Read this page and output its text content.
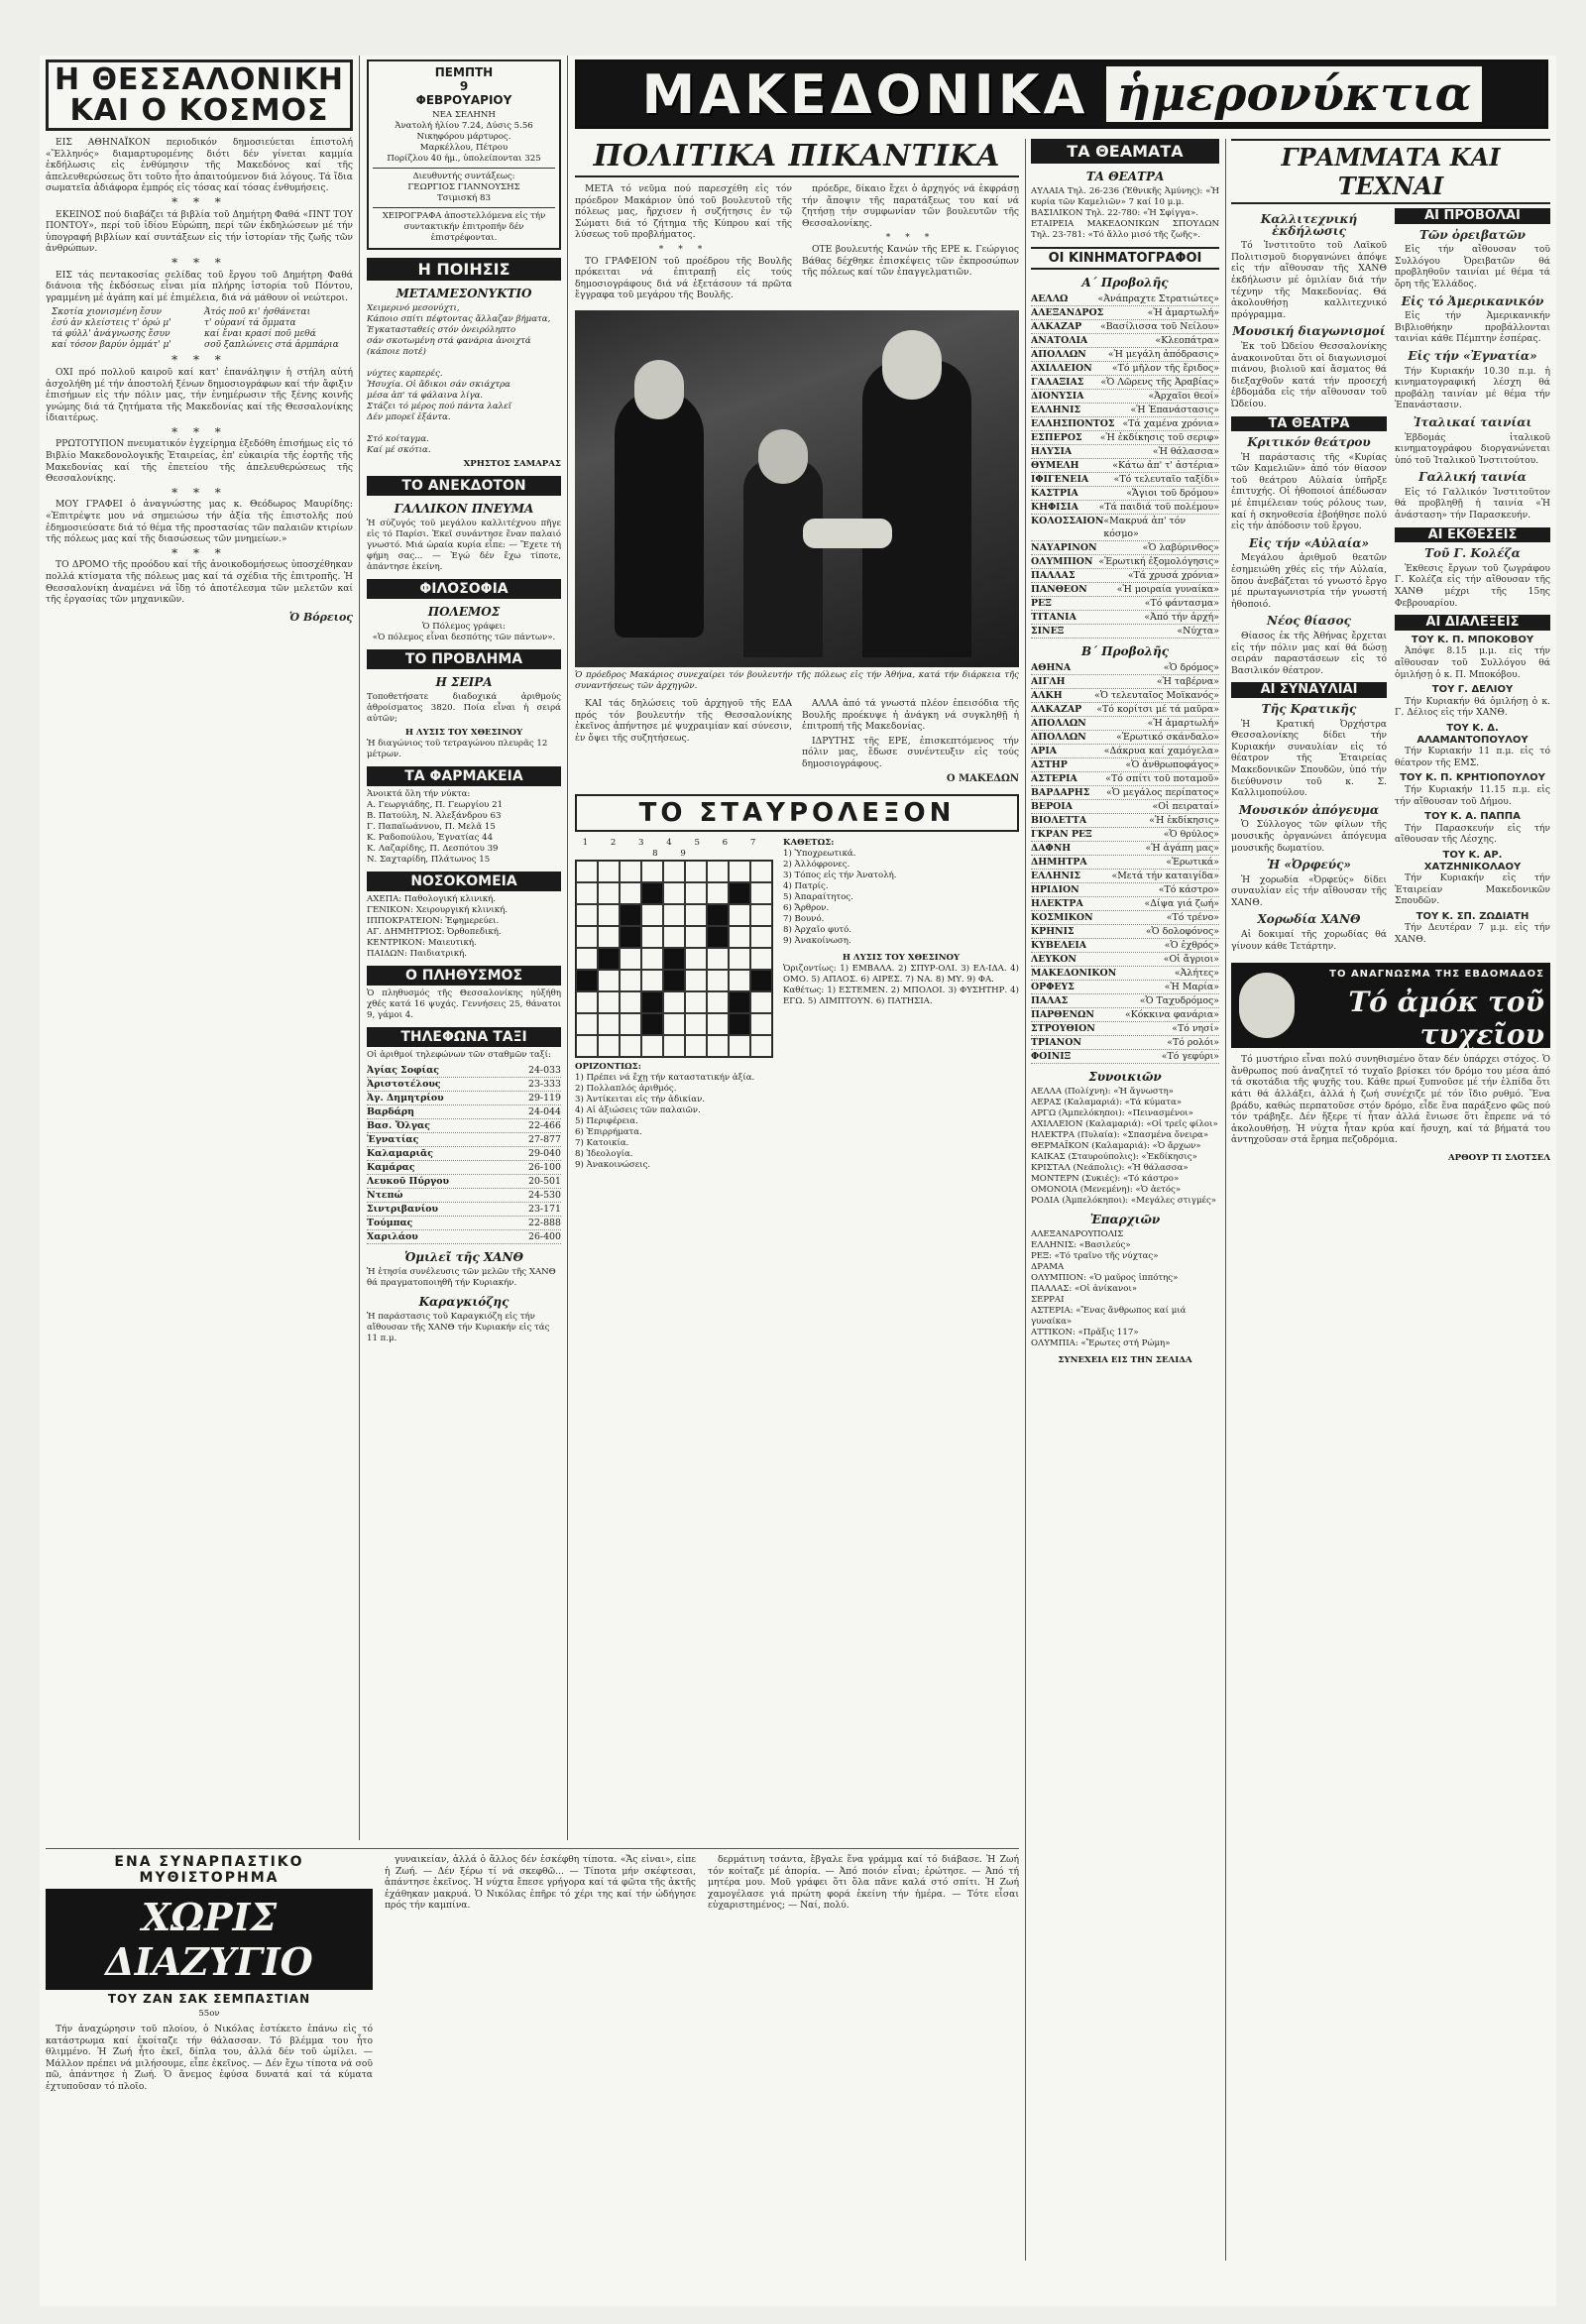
Η ΘΕΣΣΑΛΟΝΙΚΗ
ΚΑΙ Ο ΚΟΣΜΟΣ

ΕΙΣ ΑΘΗΝΑΪΚΟΝ περιοδικόν δημοσιεύεται ἐπιστολή «Ἕλληνός» διαμαρτυρομένης διότι δέν γίνεται καμμία ἐκδήλωσις εἰς ἐνθύμησιν τῆς Μακεδόνος καί τῆς ἀπελευθερώσεως ὅτι τοῦτο ἦτο ἀπαιτούμενον διά λόγους. Τά ἴδια σωματεῖα ἀδιάφορα ἐμπρός εἰς τόσας καί τόσας ἐνθυμήσεις.

* * *

ΕΚΕΙΝΟΣ πού διαβάζει τά βιβλία τοῦ Δημήτρη Φαθά «ΠΝΤ ΤΟΥ ΠΟΝΤΟΥ», περί τοῦ ἰδίου Εὐρώπη, περί τῶν ἐκδηλώσεων μέ τήν ὑπογραφή βιβλίων καί συντάξεων εἰς τήν ἱστορίαν τῆς ζωῆς τῶν ἀνθρώπων.

* * *

ΕΙΣ τάς πεντακοσίας σελίδας τοῦ ἔργου τοῦ Δημήτρη Φαθά διάνοια τῆς ἐκδόσεως εἶναι μία πλήρης ἱστορία τοῦ Πόντου, γραμμένη μέ ἀγάπη καί μέ ἐπιμέλεια, διά νά μάθουν οἱ νεώτεροι.

Σκοτία χιονισμένη ἔσυν
ἐσύ ἀν κλείστεις τ' ὀρώ μ'
τά φύλλ' ἀνάγνωσης ἔσυν
καί τόσον βαρύν ὀμμάτ' μ'
Ἀτός ποῦ κι' ἠσθάνεται
τ' οὐρανί τά ὄμματα
καί ἔναι κρασί ποῦ μεθά
σοῦ ξαπλώνεις στά ἀρμπάρια
* * *

ΟΧΙ πρό πολλοῦ καιροῦ καί κατ' ἐπανάληψιν ἡ στήλη αὐτή ἀσχολήθη μέ τήν ἀποστολή ξένων δημοσιογράφων καί τήν ἄφιξιν ἐπισήμων εἰς τήν πόλιν μας, τήν ἐνημέρωσιν τῆς ξένης κοινῆς γνώμης διά τά ζητήματα τῆς Μακεδονίας καί τῆς Θεσσαλονίκης ἰδιαιτέρως.

* * *

ΡΡΩΤΟΤΥΠΟΝ πνευματικόν ἐγχείρημα ἐξεδόθη ἐπισήμως εἰς τό Βιβλίο Μακεδονολογικῆς Ἐταιρείας, ἐπ' εὐκαιρία τῆς ἑορτῆς τῆς Μακεδονίας καί τῆς ἐπετείου τῆς ἀπελευθερώσεως τῆς Θεσσαλονίκης.

* * *

ΜΟΥ ΓΡΑΦΕΙ ὁ ἀναγνώστης μας κ. Θεόδωρος Μαυρίδης: «Ἐπιτρέψτε μου νά σημειώσω τήν ἀξία τῆς ἐπιστολῆς πού ἐδημοσιεύσατε διά τό θέμα τῆς προστασίας τῶν παλαιῶν κτιρίων τῆς πόλεως μας καί τῆς διασώσεως τῶν μνημείων.»

* * *

ΤΟ ΔΡΟΜΟ τῆς προόδου καί τῆς ἀνοικοδομήσεως ὑποσχέθηκαν πολλά κτίσματα τῆς πόλεως μας καί τά σχέδια τῆς ἐπιτροπῆς. Ἡ Θεσσαλονίκη ἀναμένει νά ἴδῃ τό ἀποτέλεσμα τῶν μελετῶν καί τῆς ἐργασίας τῶν μηχανικῶν.

Ὁ Βόρειος
ΠΕΜΠΤΗ
9
ΦΕΒΡΟΥΑΡΙΟΥ
ΝΕΑ ΣΕΛΗΝΗ
Ἀνατολή ἡλίου 7.24, Δύσις 5.56
Νικηφόρου μάρτυρος.
Μαρκέλλου, Πέτρου
Πορίζλου 40 ἡμ., ὑπολείπονται 325
Διευθυντής συντάξεως:
ΓΕΩΡΓΙΟΣ ΓΙΑΝΝΟΥΣΗΣ
Τσιμισκή 83
ΧΕΙΡΟΓΡΑΦΑ ἀποστελλόμενα εἰς τήν συντακτικήν ἐπιτροπήν δέν ἐπιστρέφονται.
Η ΠΟΙΗΣΙΣ
ΜΕΤΑΜΕΣΟΝΥΚΤΙΟ
Χειμερινό μεσονύχτι,
Κάποιο σπίτι πέφτοντας ἄλλαζαν βήματα,
Ἐγκατασταθείς στόν ὀνειρόληπτο
σάν σκοτωμένη στά φανάρια ἀνοιχτά
(κάποιε ποτέ)

νύχτες καρπερές.
Ἡσυχία. Οἱ ἄδικοι σάν σκιάχτρα
μέσα ἀπ' τά φάλαινα λίγα.
Στάζει τό μέρος πού πάντα λαλεῖ
Δέν μπορεῖ ἐξάντα.

Στό κοίταγμα.
Καί μέ σκότια.
ΧΡΗΣΤΟΣ ΣΑΜΑΡΑΣ
ΤΟ ΑΝΕΚΔΟΤΟΝ
ΓΑΛΛΙΚΟΝ ΠΝΕΥΜΑ
Ἡ σύζυγός τοῦ μεγάλου καλλιτέχνου πῆγε εἰς τό Παρίσι. Ἐκεῖ συνάντησε ἕναν παλαιό γνωστό. Μιά ὡραία κυρία εἶπε: — Ἔχετε τή φήμη σας... — Ἐγώ δέν ἔχω τίποτε, ἀπάντησε ἐκείνη.
ΦΙΛΟΣΟΦΙΑ
ΠΟΛΕΜΟΣ
Ὁ Πόλεμος γράφει:
«Ὁ πόλεμος εἶναι δεσπότης τῶν πάντων».
ΤΟ ΠΡΟΒΛΗΜΑ
Η ΣΕΙΡΑ
Τοποθετήσατε διαδοχικά ἀριθμούς ἀθροίσματος 3820. Ποία εἶναι ἡ σειρά αὐτῶν;
Η ΛΥΣΙΣ ΤΟΥ ΧΘΕΣΙΝΟΥ
Ἡ διαγώνιος τοῦ τετραγώνου πλευρᾶς 12 μέτρων.
ΤΑ ΦΑΡΜΑΚΕΙΑ
Ἀνοικτά ὅλη τήν νύκτα:
Α. Γεωργιάδης, Π. Γεωργίου 21
Β. Πατούλη, Ν. Ἀλεξάνδρου 63
Γ. Παπαϊωάννου, Π. Μελᾶ 15
Κ. Ραδοπούλου, Ἐγνατίας 44
Κ. Λαζαρίδης, Π. Δεσπότου 39
Ν. Σαχταρίδη, Πλάτωνος 15
ΝΟΣΟΚΟΜΕΙΑ
ΑΧΕΠΑ: Παθολογική κλινική.
ΓΕΝΙΚΟΝ: Χειρουργική κλινική.
ΙΠΠΟΚΡΑΤΕΙΟΝ: Ἐφημερεύει.
ΑΓ. ΔΗΜΗΤΡΙΟΣ: Ὀρθοπεδική.
ΚΕΝΤΡΙΚΟΝ: Μαιευτική.
ΠΑΙΔΩΝ: Παιδιατρική.
Ο ΠΛΗΘΥΣΜΟΣ
Ὁ πληθυσμός τῆς Θεσσαλονίκης ηὐξήθη χθές κατά 16 ψυχάς. Γεννήσεις 25, θάνατοι 9, γάμοι 4.
ΤΗΛΕΦΩΝΑ ΤΑΞΙ
Οἱ ἀριθμοί τηλεφώνων τῶν σταθμῶν ταξί:
Ἀγίας Σοφίας	24-033
Ἀριστοτέλους	23-333
Ἀγ. Δημητρίου	29-119
Βαρδάρη	24-044
Βασ. Ὄλγας	22-466
Ἐγνατίας	27-877
Καλαμαριᾶς	29-040
Καμάρας	26-100
Λευκοῦ Πύργου	20-501
Ντεπώ	24-530
Σιντριβανίου	23-171
Τούμπας	22-888
Χαριλάου	26-400
Ὁμιλεῖ τῆς ΧΑΝΘ
Ἡ ἐτησία συνέλευσις τῶν μελῶν τῆς ΧΑΝΘ θά πραγματοποιηθῆ τήν Κυριακήν.
Καραγκιόζης
Ἡ παράστασις τοῦ Καραγκιόζη εἰς τήν αἴθουσαν τῆς ΧΑΝΘ τήν Κυριακήν εἰς τάς 11 π.μ.
ΜΑΚΕΔΟΝΙΚΑ ἡμερονύκτια
ΠΟΛΙΤΙΚΑ ΠΙΚΑΝΤΙΚΑ

ΜΕΤΑ τό νεῦμα πού παρεσχέθη εἰς τόν πρόεδρον Μακάριον ὑπό τοῦ βουλευτοῦ τῆς πόλεως μας, ἤρχισεν ἡ συζήτησις ἐν τῷ Σώματι διά τό ζήτημα τῆς Κύπρου καί τῆς λύσεως τοῦ προβλήματος.

* * *

ΤΟ ΓΡΑΦΕΙΟΝ τοῦ προέδρου τῆς Βουλῆς πρόκειται νά ἐπιτραπῇ εἰς τούς δημοσιογράφους διά νά ἐξετάσουν τά πρῶτα ἔγγραφα τοῦ μεγάρου τῆς Βουλῆς.

πρόεδρε, δίκαιο ἔχει ὁ ἀρχηγός νά ἐκφράσῃ τήν ἄποψιν τῆς παρατάξεως του καί νά ζητήσῃ τήν συμφωνίαν τῶν βουλευτῶν τῆς Θεσσαλονίκης.

* * *

ΟΤΕ βουλευτής Κανών τῆς ΕΡΕ κ. Γεώργιος Βάθας δέχθηκε ἐπισκέψεις τῶν ἐκπροσώπων τῆς πόλεως καί τῶν ἐπαγγελματιῶν.

Ὁ πρόεδρος Μακάριος συνεχαίρει τόν βουλευτήν τῆς πόλεως εἰς τήν Ἀθήνα, κατά τήν διάρκεια τῆς συναντήσεως τῶν ἀρχηγῶν.

ΚΑΙ τάς δηλώσεις τοῦ ἀρχηγοῦ τῆς ΕΔΑ πρός τόν βουλευτήν τῆς Θεσσαλονίκης ἐκεῖνος ἀπήντησε μέ ψυχραιμίαν καί σύνεσιν, ἐν ὄψει τῆς συζητήσεως.

ΑΛΛΑ ἀπό τά γνωστά πλέον ἐπεισόδια τῆς Βουλῆς προέκυψε ἡ ἀνάγκη νά συγκληθῇ ἡ ἐπιτροπή τῆς Μακεδονίας.

ΙΔΡΥΤΗΣ τῆς ΕΡΕ, ἐπισκεπτόμενος τήν πόλιν μας, ἔδωσε συνέντευξιν εἰς τούς δημοσιογράφους.

Ο ΜΑΚΕΔΩΝ
ΤΟ ΣΤΑΥΡΟΛΕΞΟΝ
1 2 3 4 5 6 7 8 9
ΟΡΙΖΟΝΤΙΩΣ:
1) Πρέπει νά ἔχῃ τήν καταστατικήν ἀξία.
2) Πολλαπλός ἀριθμός.
3) Ἀντίκειται εἰς τήν ἀδικίαν.
4) Αἱ ἀξιώσεις τῶν παλαιῶν.
5) Περιφέρεια.
6) Ἐπιρρήματα.
7) Κατοικία.
8) Ἰδεολογία.
9) Ἀνακοινώσεις.
ΚΑΘΕΤΩΣ:
1) Ὑποχρεωτικά.
2) Ἀλλόφρονες.
3) Τόπος εἰς τήν Ἀνατολή.
4) Πατρίς.
5) Ἀπαραίτητος.
6) Ἄρθρον.
7) Βουνό.
8) Ἀρχαῖο φυτό.
9) Ἀνακοίνωση.
Η ΛΥΣΙΣ ΤΟΥ ΧΘΕΣΙΝΟΥ
Ὁριζοντίως: 1) ΕΜΒΑΛΑ. 2) ΣΠΥΡ-ΟΛΙ. 3) ΕΛ-ΙΔΑ. 4) ΟΜΟ. 5) ΑΠΛΟΣ. 6) ΑΙΡΕΣ. 7) ΝΑ. 8) ΜΥ. 9) ΦΑ.
Καθέτως: 1) ΕΣΤΕΜΕΝ. 2) ΜΠΟΛΟΙ. 3) ΦΥΣΗΤΗΡ. 4) ΕΓΩ. 5) ΛΙΜΠΤΟΥΝ. 6) ΠΑΤΗΣΙΑ.
ΤΑ ΘΕΑΜΑΤΑ
ΤΑ ΘΕΑΤΡΑ
ΑΥΛΑΙΑ Τηλ. 26-236 (Ἐθνικῆς Ἀμύνης): «Ἡ κυρία τῶν Καμελιῶν» 7 καί 10 μ.μ.
ΒΑΣΙΛΙΚΟΝ Τηλ. 22-780: «Ἡ Σφίγγα».
ΕΤΑΙΡΕΙΑ ΜΑΚΕΔΟΝΙΚΩΝ ΣΠΟΥΔΩΝ Τηλ. 23-781: «Τό ἄλλο μισό τῆς ζωῆς».
ΟΙ ΚΙΝΗΜΑΤΟΓΡΑΦΟΙ
Α΄ Προβολῆς
ΑΕΛΛΩ	«Ἀνάπραχτε Στρατιώτες»
ΑΛΕΞΑΝΔΡΟΣ	«Ἡ ἀμαρτωλή»
ΑΛΚΑΖΑΡ «Βασίλισσα τοῦ Νείλου»
ΑΝΑΤΟΛΙΑ	«Κλεοπάτρα»
ΑΠΟΛΛΩΝ «Ἡ μεγάλη ἀπόδρασις»
ΑΧΙΛΛΕΙΟΝ «Τό μῆλον τῆς ἔριδος»
ΓΑΛΑΞΙΑΣ «Ὁ Λῶρενς τῆς Ἀραβίας»
ΔΙΟΝΥΣΙΑ	«Ἀρχαῖοι θεοί»
ΕΛΛΗΝΙΣ	«Ἡ Ἐπανάστασις»
ΕΛΛΗΣΠΟΝΤΟΣ «Τά χαμένα χρόνια»
ΕΣΠΕΡΟΣ «Ἡ ἐκδίκησις τοῦ σεριφ»
ΗΛΥΣΙΑ	«Ἡ θάλασσα»
ΘΥΜΕΛΗ	«Κάτω ἀπ' τ' ἀστέρια»
ΙΦΙΓΕΝΕΙΑ	«Τό τελευταῖο ταξίδι»
ΚΑΣΤΡΙΑ	«Ἄγιοι τοῦ δρόμου»
ΚΗΦΙΣΙΑ «Τά παιδιά τοῦ πολέμου»
ΚΟΛΟΣΣΑΙΟΝ «Μακρυά ἀπ' τόν κόσμο»
ΝΑΥΑΡΙΝΟΝ	«Ὁ λαβύρινθος»
ΟΛΥΜΠΙΟΝ «Ἐρωτική ἐξομολόγησις»
ΠΑΛΛΑΣ	«Τά χρυσά χρόνια»
ΠΑΝΘΕΟΝ	«Ἡ μοιραία γυναίκα»
ΡΕΞ	«Τό φάντασμα»
ΤΙΤΑΝΙΑ	«Ἀπό τήν ἀρχή»
ΣΙΝΕΞ	«Νύχτα»
Β΄ Προβολῆς
ΑΘΗΝΑ	«Ὁ δρόμος»
ΑΙΓΛΗ	«Ἡ ταβέρνα»
ΑΛΚΗ	«Ὁ τελευταῖος Μοϊκανός»
ΑΛΚΑΖΑΡ «Τό κορίτσι μέ τά μαῦρα»
ΑΠΟΛΛΩΝ	«Ἡ ἀμαρτωλή»
ΑΠΟΛΛΩΝ	«Ἐρωτικό σκάνδαλο»
ΑΡΙΑ	«Δάκρυα καί χαμόγελα»
ΑΣΤΗΡ	«Ὁ ἀνθρωποφάγος»
ΑΣΤΕΡΙΑ	«Τό σπίτι τοῦ ποταμοῦ»
ΒΑΡΔΑΡΗΣ «Ὁ μεγάλος περίπατος»
ΒΕΡΟΙΑ	«Οἱ πειραταί»
ΒΙΟΛΕΤΤΑ	«Ἡ ἐκδίκησις»
ΓΚΡΑΝ ΡΕΞ	«Ὁ θρύλος»
ΔΑΦΝΗ	«Ἡ ἀγάπη μας»
ΔΗΜΗΤΡΑ	«Ἐρωτικά»
ΕΛΛΗΝΙΣ	«Μετά τήν καταιγίδα»
ΗΡΙΔΙΟΝ	«Τό κάστρο»
ΗΛΕΚΤΡΑ	«Δίψα γιά ζωή»
ΚΟΣΜΙΚΟΝ	«Τό τρένο»
ΚΡΗΝΙΣ	«Ὁ δολοφόνος»
ΚΥΒΕΛΕΙΑ	«Ὁ ἐχθρός»
ΛΕΥΚΟΝ	«Οἱ ἄγριοι»
ΜΑΚΕΔΟΝΙΚΟΝ	«Ἀλήτες»
ΟΡΦΕΥΣ	«Ἡ Μαρία»
ΠΑΛΑΣ	«Ὁ Ταχυδρόμος»
ΠΑΡΘΕΝΩΝ	«Κόκκινα φανάρια»
ΣΤΡΟΥΘΙΟΝ	«Τό νησί»
ΤΡΙΑΝΟΝ	«Τό ρολόι»
ΦΟΙΝΙΞ	«Τό γεφύρι»
Συνοικιῶν
ΑΕΛΛΑ (Πολίχνη): «Ἡ ἄγνωστη»
ΑΕΡΑΣ (Καλαμαριά): «Τά κύματα»
ΑΡΓΩ (Ἀμπελόκηποι): «Πεινασμένοι»
ΑΧΙΛΛΕΙΟΝ (Καλαμαριά): «Οἱ τρεῖς φίλοι»
ΗΛΕΚΤΡΑ (Πυλαία): «Σπασμένα ὄνειρα»
ΘΕΡΜΑΪΚΟΝ (Καλαμαριά): «Ὁ ἄρχων»
ΚΑΙΚΑΣ (Σταυρούπολις): «Ἐκδίκησις»
ΚΡΙΣΤΑΛ (Νεάπολις): «Ἡ θάλασσα»
ΜΟΝΤΕΡΝ (Συκιές): «Τό κάστρο»
ΟΜΟΝΟΙΑ (Μενεμένη): «Ὁ ἀετός»
ΡΟΔΙΑ (Ἀμπελόκηποι): «Μεγάλες στιγμές»
Ἐπαρχιῶν
ΑΛΕΞΑΝΔΡΟΥΠΟΛΙΣ
ΕΛΛΗΝΙΣ: «Βασιλεύς»
ΡΕΞ: «Τό τραῖνο τῆς νύχτας»
ΔΡΑΜΑ
ΟΛΥΜΠΙΟΝ: «Ὁ μαῦρος ἱππότης»
ΠΑΛΛΑΣ: «Οἱ ἀνίκανοι»
ΣΕΡΡΑΙ
ΑΣΤΕΡΙΑ: «Ἔνας ἄνθρωπος καί μιά γυναίκα»
ΑΤΤΙΚΟΝ: «Πρᾶξις 117»
ΟΛΥΜΠΙΑ: «Ἔρωτες στή Ρώμη»
ΣΥΝΕΧΕΙΑ ΕΙΣ ΤΗΝ ΣΕΛΙΔΑ
ΓΡΑΜΜΑΤΑ ΚΑΙ ΤΕΧΝΑΙ
Καλλιτεχνική ἐκδήλωσις

Τό Ἰνστιτοῦτο τοῦ Λαϊκοῦ Πολιτισμοῦ διοργανώνει ἀπόψε εἰς τήν αἴθουσαν τῆς ΧΑΝΘ ἐκδήλωσιν μέ ὁμιλίαν διά τήν τέχνην τῆς Μακεδονίας. Θά ἀκολουθήσῃ καλλιτεχνικό πρόγραμμα.

Μουσική διαγωνισμοί

Ἐκ τοῦ Ὠδείου Θεσσαλονίκης ἀνακοινοῦται ὅτι οἱ διαγωνισμοί πιάνου, βιολιοῦ καί ἄσματος θά διεξαχθοῦν κατά τήν προσεχή ἑβδομάδα εἰς τήν αἴθουσαν τοῦ Ὠδείου.

ΤΑ ΘΕΑΤΡΑ
Κριτικόν θεάτρου

Ἡ παράστασις τῆς «Κυρίας τῶν Καμελιῶν» ἀπό τόν θίασον τοῦ θεάτρου Αὐλαία ὑπῆρξε ἐπιτυχής. Οἱ ἠθοποιοί ἀπέδωσαν μέ ἐπιμέλειαν τούς ρόλους των, καί ἡ σκηνοθεσία ἐβοήθησε πολύ εἰς τήν ἀπόδοσιν τοῦ ἔργου.

Εἰς τήν «Αὐλαία»

Μεγάλου ἀριθμοῦ θεατῶν ἐσημειώθη χθές εἰς τήν Αὐλαία, ὅπου ἀνεβάζεται τό γνωστό ἔργο μέ πρωταγωνιστρία τήν γνωστή ἠθοποιό.

Νέος θίασος

Θίασος ἐκ τῆς Ἀθήνας ἔρχεται εἰς τήν πόλιν μας καί θά δώσῃ σειράν παραστάσεων εἰς τό Βασιλικόν θέατρον.

ΑΙ ΣΥΝΑΥΛΙΑΙ
Τῆς Κρατικῆς

Ἡ Κρατική Ὀρχήστρα Θεσσαλονίκης δίδει τήν Κυριακήν συναυλίαν εἰς τό θέατρον τῆς Ἑταιρείας Μακεδονικῶν Σπουδῶν, ὑπό τήν διεύθυνσιν τοῦ κ. Σ. Καλλιμοπούλου.

Μουσικόν ἀπόγευμα

Ὁ Σύλλογος τῶν φίλων τῆς μουσικῆς ὀργανώνει ἀπόγευμα μουσικῆς δωματίου.

Ἡ «Ὀρφεύς»

Ἡ χορωδία «Ὀρφεύς» δίδει συναυλίαν εἰς τήν αἴθουσαν τῆς ΧΑΝΘ.

Χορωδία ΧΑΝΘ

Αἱ δοκιμαί τῆς χορωδίας θά γίνουν κάθε Τετάρτην.

ΑΙ ΠΡΟΒΟΛΑΙ
Τῶν ὀρειβατῶν

Εἰς τήν αἴθουσαν τοῦ Συλλόγου Ὀρειβατῶν θά προβληθοῦν ταινίαι μέ θέμα τά ὄρη τῆς Ἑλλάδος.

Εἰς τό Ἀμερικανικόν

Εἰς τήν Ἀμερικανικήν Βιβλιοθήκην προβάλλονται ταινίαι κάθε Πέμπτην ἑσπέρας.

Εἰς τήν «Ἐγνατία»

Τήν Κυριακήν 10.30 π.μ. ἡ κινηματογραφική λέσχη θά προβάλῃ ταινίαν μέ θέμα τήν Ἐπανάστασιν.

Ἰταλικαί ταινίαι

Ἑβδομάς ἰταλικοῦ κινηματογράφου διοργανώνεται ὑπό τοῦ Ἰταλικοῦ Ἰνστιτούτου.

Γαλλική ταινία

Εἰς τό Γαλλικόν Ἰνστιτοῦτον θά προβληθῇ ἡ ταινία «Ἡ ἀνάσταση» τήν Παρασκευήν.

ΑΙ ΕΚΘΕΣΕΙΣ
Τοῦ Γ. Κολέζα

Ἐκθεσις ἔργων τοῦ ζωγράφου Γ. Κολέζα εἰς τήν αἴθουσαν τῆς ΧΑΝΘ μέχρι τῆς 15ης Φεβρουαρίου.

ΑΙ ΔΙΑΛΕΞΕΙΣ
ΤΟΥ Κ. Π. ΜΠΟΚΟΒΟΥ

Ἀπόψε 8.15 μ.μ. εἰς τήν αἴθουσαν τοῦ Συλλόγου θά ὁμιλήσῃ ὁ κ. Π. Μποκόβου.

ΤΟΥ Γ. ΔΕΛΙΟΥ

Τήν Κυριακήν θά ὁμιλήσῃ ὁ κ. Γ. Δέλιος εἰς τήν ΧΑΝΘ.

ΤΟΥ Κ. Δ. ΑΛΑΜΑΝΤΟΠΟΥΛΟΥ

Τήν Κυριακήν 11 π.μ. εἰς τό θέατρον τῆς ΕΜΣ.

ΤΟΥ Κ. Π. ΚΡΗΤΙΟΠΟΥΛΟΥ

Τήν Κυριακήν 11.15 π.μ. εἰς τήν αἴθουσαν τοῦ Δήμου.

ΤΟΥ Κ. Α. ΠΑΠΠΑ

Τήν Παρασκευήν εἰς τήν αἴθουσαν τῆς Λέσχης.

ΤΟΥ Κ. ΑΡ. ΧΑΤΖΗΝΙΚΟΛΑΟΥ

Τήν Κυριακήν εἰς τήν Ἑταιρείαν Μακεδονικῶν Σπουδῶν.

ΤΟΥ Κ. ΣΠ. ΖΩΔΙΑΤΗ

Τήν Δευτέραν 7 μ.μ. εἰς τήν ΧΑΝΘ.

ΤΟ ΑΝΑΓΝΩΣΜΑ ΤΗΣ ΕΒΔΟΜΑΔΟΣ
Τό ἀμόκ τοῦ τυχεῖου

Τό μυστήριο εἶναι πολύ συνηθισμένο ὅταν δέν ὑπάρχει στόχος. Ὁ ἄνθρωπος πού ἀναζητεῖ τό τυχαῖο βρίσκει τόν δρόμο του μέσα ἀπό τά σκοτάδια τῆς ψυχῆς του. Κάθε πρωί ξυπνοῦσε μέ τήν ἐλπίδα ὅτι κάτι θά ἀλλάξει, ἀλλά ἡ ζωή συνέχιζε μέ τόν ἴδιο ρυθμό. Ἕνα βράδυ, καθώς περπατοῦσε στόν δρόμο, εἶδε ἕνα παράξενο φῶς πού τόν τράβηξε. Δέν ἤξερε τί ἦταν ἀλλά ἔνιωσε ὅτι ἔπρεπε νά τό ἀκολουθήσῃ. Ἡ νύχτα ἦταν κρύα καί ἤσυχη, καί τά βήματά του ἀντηχοῦσαν στά ἔρημα πεζοδρόμια.

ΑΡΘΟΥΡ ΤΙ ΣΛΟΤΣΕΛ
ΕΝΑ ΣΥΝΑΡΠΑΣΤΙΚΟ ΜΥΘΙΣΤΟΡΗΜΑ
ΧΩΡΙΣ ΔΙΑΖΥΓΙΟ
ΤΟΥ ΖΑΝ ΣΑΚ ΣΕΜΠΑΣΤΙΑΝ
55ον

Τήν ἀναχώρησιν τοῦ πλοίου, ὁ Νικόλας ἐστέκετο ἐπάνω εἰς τό κατάστρωμα καί ἐκοίταζε τήν θάλασσαν. Τό βλέμμα του ἦτο θλιμμένο. Ἡ Ζωή ἦτο ἐκεῖ, δίπλα του, ἀλλά δέν τοῦ ὡμίλει. — Μάλλον πρέπει νά μιλήσουμε, εἶπε ἐκεῖνος. — Δέν ἔχω τίποτα νά σοῦ πῶ, ἀπάντησε ἡ Ζωή. Ὁ ἄνεμος ἐφύσα δυνατά καί τά κύματα ἐχτυποῦσαν τό πλοῖο.

γυναικείαν, ἀλλά ὁ ἄλλος δέν ἐσκέφθη τίποτα. «Ἄς εἶναι», εἶπε ἡ Ζωή. — Δέν ξέρω τί νά σκεφθῶ... — Τίποτα μήν σκέφτεσαι, ἀπάντησε ἐκεῖνος. Ἡ νύχτα ἔπεσε γρήγορα καί τά φῶτα τῆς ἀκτῆς ἐχάθηκαν μακρυά. Ὁ Νικόλας ἐπῆρε τό χέρι της καί τήν ὡδήγησε πρός τήν καμπίνα.

δερμάτινη τσάντα, ἔβγαλε ἕνα γράμμα καί τό διάβασε. Ἡ Ζωή τόν κοίταζε μέ ἀπορία. — Ἀπό ποιόν εἶναι; ἐρώτησε. — Ἀπό τή μητέρα μου. Μοῦ γράφει ὅτι ὅλα πᾶνε καλά στό σπίτι. Ἡ Ζωή χαμογέλασε γιά πρώτη φορά ἐκείνη τήν ἡμέρα. — Τότε εἶσαι εὐχαριστημένος; — Ναί, πολύ.
